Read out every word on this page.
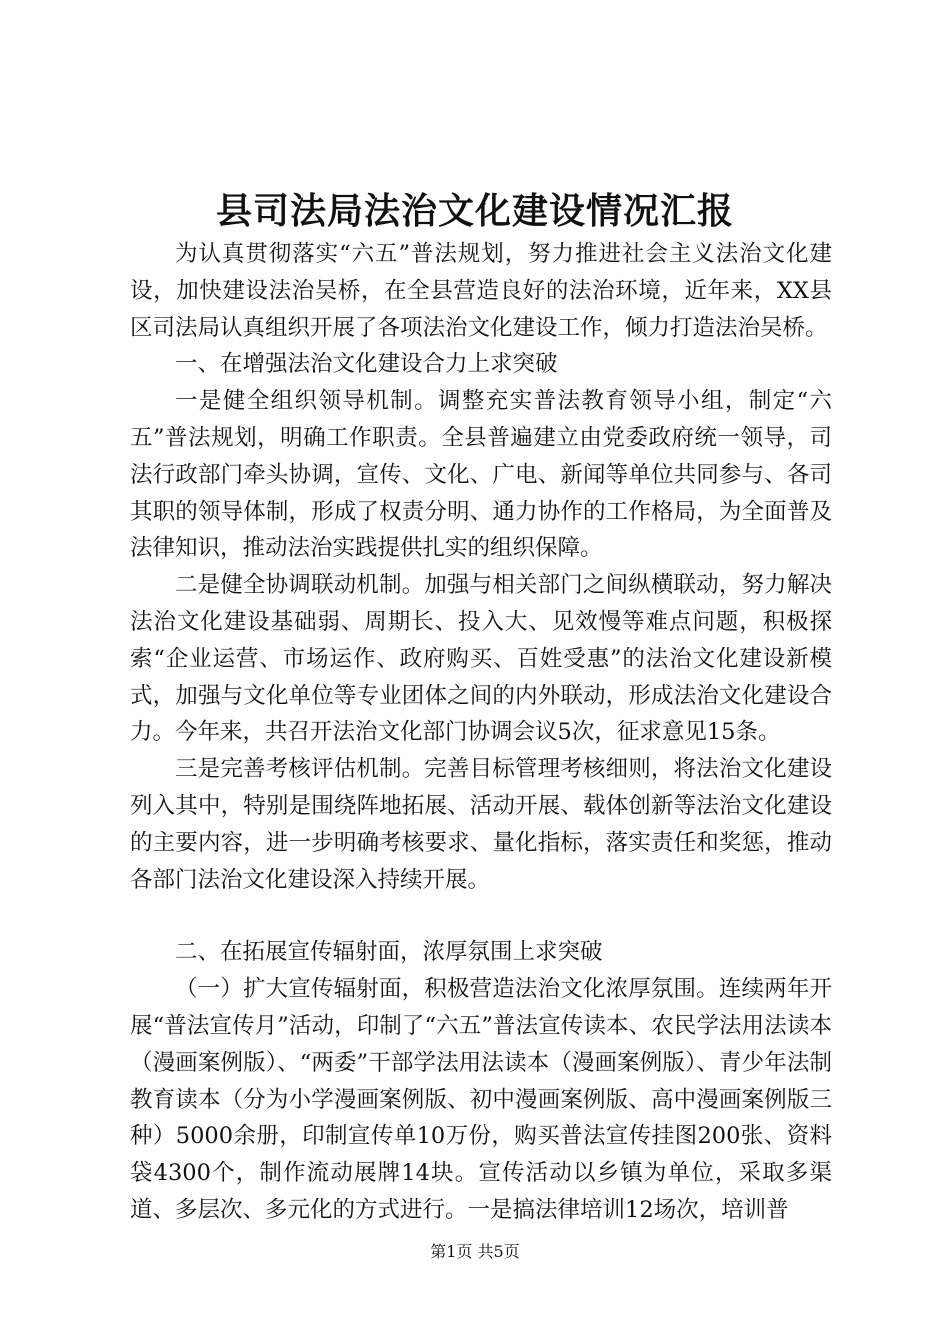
县司法局法治文化建设情况汇报

为认真贯彻落实“六五”普法规划，努力推进社会主义法治文化建设，加快建设法治吴桥，在全县营造良好的法治环境，近年来，XX县区司法局认真组织开展了各项法治文化建设工作，倾力打造法治吴桥。

一、在增强法治文化建设合力上求突破

一是健全组织领导机制。调整充实普法教育领导小组，制定“六五”普法规划，明确工作职责。全县普遍建立由党委政府统一领导，司法行政部门牵头协调，宣传、文化、广电、新闻等单位共同参与、各司其职的领导体制，形成了权责分明、通力协作的工作格局，为全面普及法律知识，推动法治实践提供扎实的组织保障。

二是健全协调联动机制。加强与相关部门之间纵横联动，努力解决法治文化建设基础弱、周期长、投入大、见效慢等难点问题，积极探索“企业运营、市场运作、政府购买、百姓受惠”的法治文化建设新模式，加强与文化单位等专业团体之间的内外联动，形成法治文化建设合力。今年来，共召开法治文化部门协调会议5次，征求意见15条。

三是完善考核评估机制。完善目标管理考核细则，将法治文化建设列入其中，特别是围绕阵地拓展、活动开展、载体创新等法治文化建设的主要内容，进一步明确考核要求、量化指标，落实责任和奖惩，推动各部门法治文化建设深入持续开展。

二、在拓展宣传辐射面，浓厚氛围上求突破

（一）扩大宣传辐射面，积极营造法治文化浓厚氛围。连续两年开展“普法宣传月”活动，印制了“六五”普法宣传读本、农民学法用法读本（漫画案例版）、“两委”干部学法用法读本（漫画案例版）、青少年法制教育读本（分为小学漫画案例版、初中漫画案例版、高中漫画案例版三种）5000余册，印制宣传单10万份，购买普法宣传挂图200张、资料袋4300个，制作流动展牌14块。宣传活动以乡镇为单位，采取多渠道、多层次、多元化的方式进行。一是搞法律培训12场次，培训普

第1页 共5页
